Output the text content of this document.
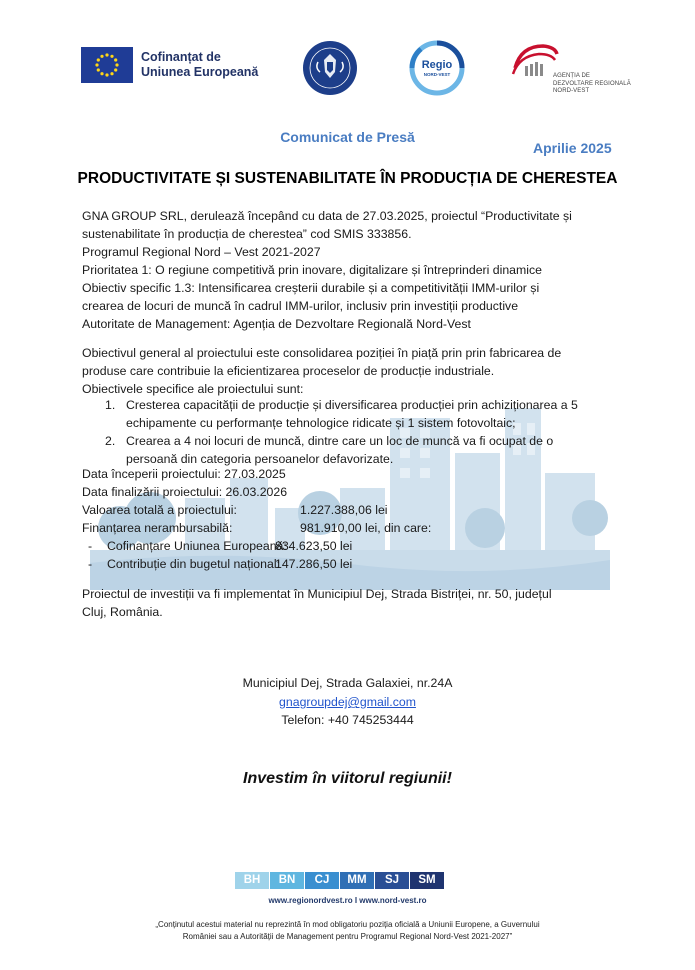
Cofinanțat de
Uniunea Europeană	Regio
NORD-VEST	AGENȚIA DE
DEZVOLTARE REGIONALĂ
NORD-VEST
Comunicat de Presă
Aprilie 2025
PRODUCTIVITATE ȘI SUSTENABILITATE ÎN PRODUCȚIA DE CHERESTEA
GNA GROUP SRL, derulează începând cu data de 27.03.2025, proiectul “Productivitate și
sustenabilitate în producția de cherestea” cod SMIS 333856.
Programul Regional Nord – Vest 2021-2027
Prioritatea 1: O regiune competitivă prin inovare, digitalizare și întreprinderi dinamice
Obiectiv specific 1.3: Intensificarea creșterii durabile și a competitivității IMM-urilor și
crearea de locuri de muncă în cadrul IMM-urilor, inclusiv prin investiții productive
Autoritate de Management: Agenția de Dezvoltare Regională Nord-Vest
Obiectivul general al proiectului este consolidarea poziției în piață prin prin fabricarea de
produse care contribuie la eficientizarea proceselor de producție industriale.
Obiectivele specifice ale proiectului sunt:
1. Cresterea capacității de producție și diversificarea producției prin achiziționarea a 5
echipamente cu performanțe tehnologice ridicate și 1 sistem fotovoltaic;
2. Crearea a 4 noi locuri de muncă, dintre care un loc de muncă va fi ocupat de o
persoană din categoria persoanelor defavorizate.
Data începerii proiectului: 27.03.2025
Data finalizării proiectului: 26.03.2026
Valoarea totală a proiectului:	1.227.388,06 lei
Finanțarea nerambursabilă:	981.910,00 lei, din care:
- Cofinanțare Uniunea Europeană:
834.623,50 lei
- Contribuție din bugetul național:
147.286,50 lei
Proiectul de investiții va fi implementat în Municipiul Dej, Strada Bistriței, nr. 50, județul
Cluj, România.
Municipiul Dej, Strada Galaxiei, nr.24A
gnagroupdej@gmail.com
Telefon: +40 745253444
Investim în viitorul regiunii!
BH	BN	CJ	MM	SJ	SM
www.regionordvest.ro I www.nord-vest.ro
„Conținutul acestui material nu reprezintă în mod obligatoriu poziția oficială a Uniunii Europene, a Guvernului
României sau a Autorității de Management pentru Programul Regional Nord-Vest 2021-2027”
